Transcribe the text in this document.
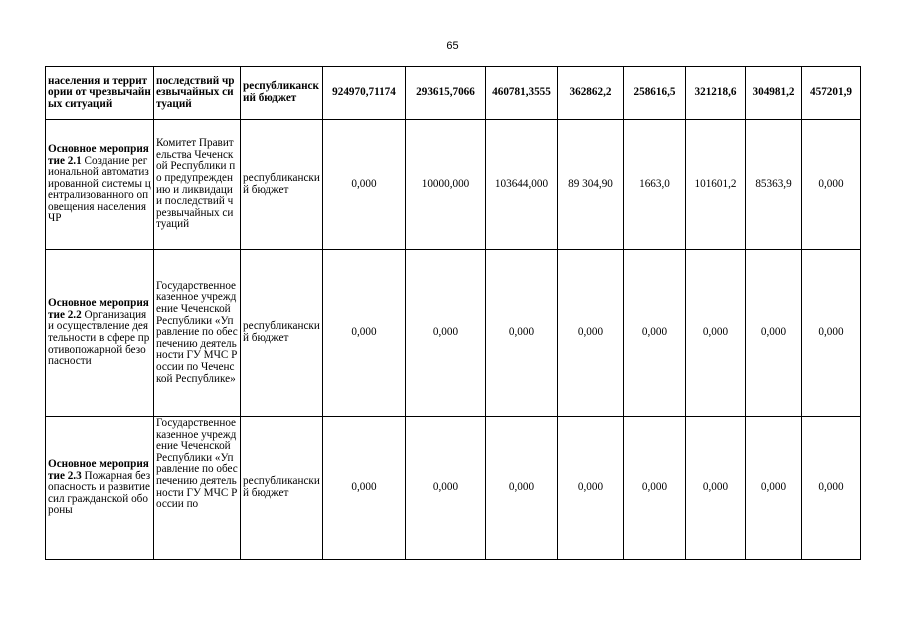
65
населения и территории от чрезвычайных ситуаций	последствий чрезвычайных ситуаций	республиканский бюджет	924970,71174	293615,7066	460781,3555	362862,2	258616,5	321218,6	304981,2	457201,9
Основное мероприятие 2.1 Создание региональной автоматизированной системы централизованного оповещения населения ЧР	Комитет Правительства Чеченской Республики по предупреждению и ликвидации последствий чрезвычайных ситуаций	республиканский бюджет	0,000	10000,000	103644,000	89 304,90	1663,0	101601,2	85363,9	0,000
Основное мероприятие 2.2 Организация и осуществление деятельности в сфере противопожарной безопасности	Государственное казенное учреждение Чеченской Республики «Управление по обеспечению деятельности ГУ МЧС России по Чеченской Республике»	республиканский бюджет	0,000	0,000	0,000	0,000	0,000	0,000	0,000	0,000
Основное мероприятие 2.3 Пожарная безопасность и развитие сил гражданской обороны	Государственное казенное учреждение Чеченской Республики «Управление по обеспечению деятельности ГУ МЧС России по	республиканский бюджет	0,000	0,000	0,000	0,000	0,000	0,000	0,000	0,000
